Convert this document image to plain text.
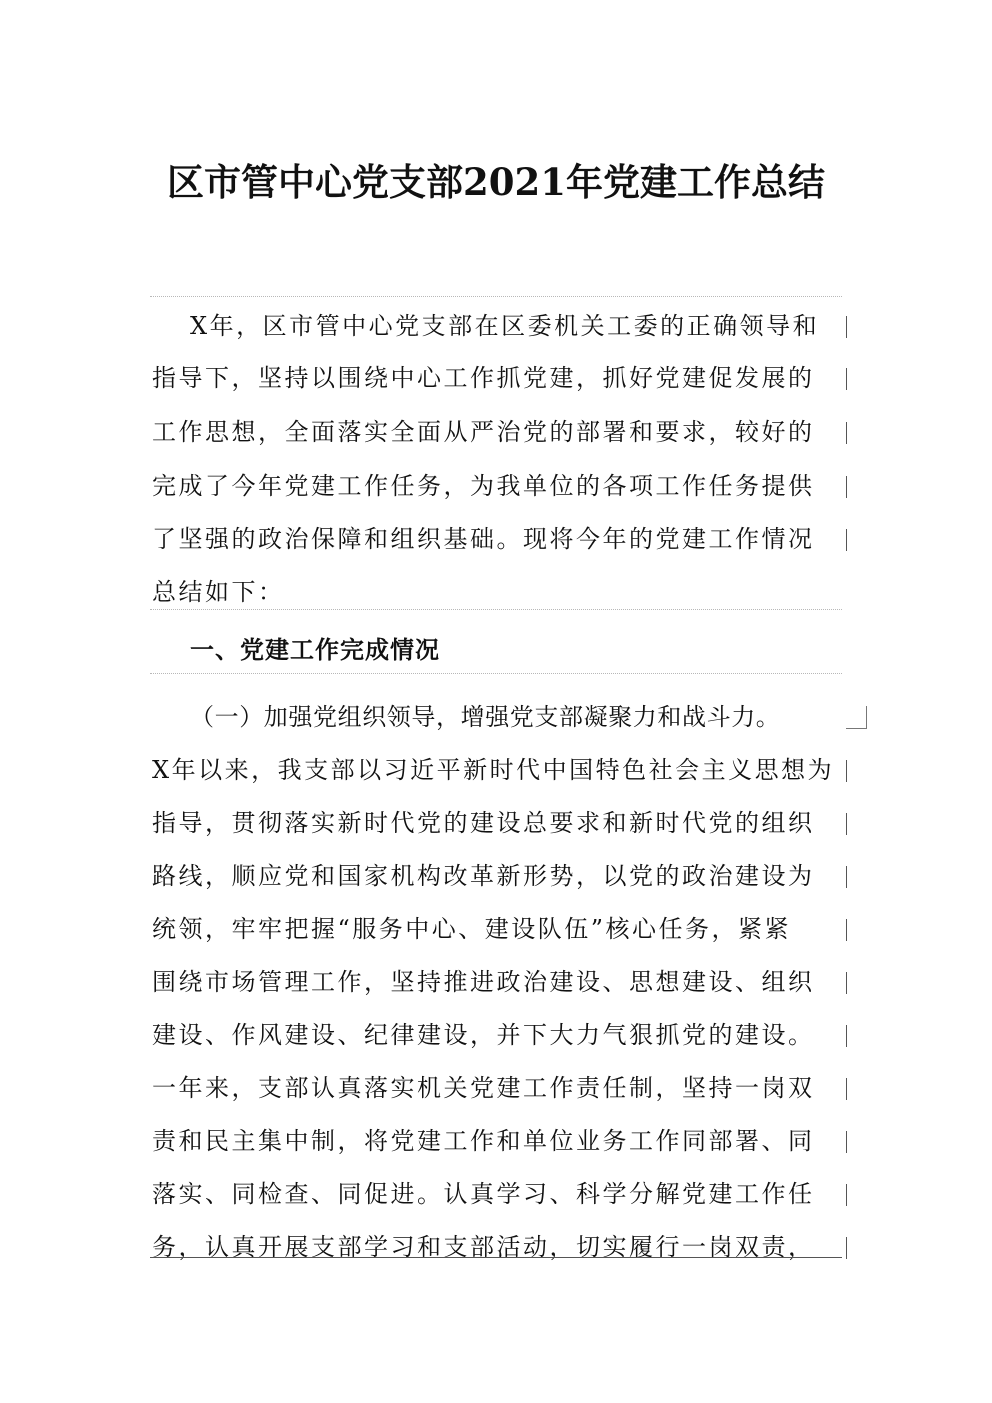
区市管中心党支部2021年党建工作总结
X年，区市管中心党支部在区委机关工委的正确领导和
指导下，坚持以围绕中心工作抓党建，抓好党建促发展的
工作思想，全面落实全面从严治党的部署和要求，较好的
完成了今年党建工作任务，为我单位的各项工作任务提供
了坚强的政治保障和组织基础。现将今年的党建工作情况
总结如下：
一、党建工作完成情况
（一）加强党组织领导，增强党支部凝聚力和战斗力。
X年以来，我支部以习近平新时代中国特色社会主义思想为
指导，贯彻落实新时代党的建设总要求和新时代党的组织
路线，顺应党和国家机构改革新形势，以党的政治建设为
统领，牢牢把握“服务中心、建设队伍”核心任务，紧紧
围绕市场管理工作，坚持推进政治建设、思想建设、组织
建设、作风建设、纪律建设，并下大力气狠抓党的建设。
一年来，支部认真落实机关党建工作责任制，坚持一岗双
责和民主集中制，将党建工作和单位业务工作同部署、同
落实、同检查、同促进。认真学习、科学分解党建工作任
务，认真开展支部学习和支部活动，切实履行一岗双责，
